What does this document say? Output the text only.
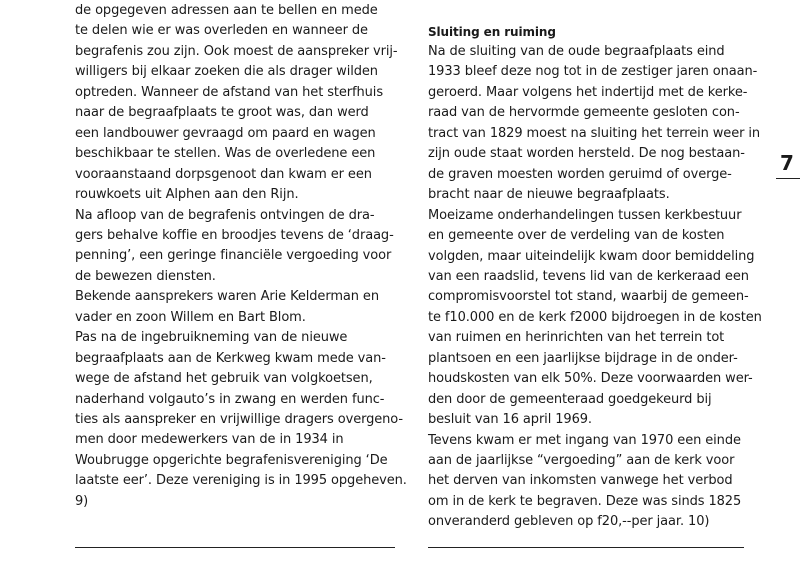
de opgegeven adressen aan te bellen en mede
te delen wie er was overleden en wanneer de
begrafenis zou zijn. Ook moest de aanspreker vrij-
willigers bij elkaar zoeken die als drager wilden
optreden. Wanneer de afstand van het sterfhuis
naar de begraafplaats te groot was, dan werd
een landbouwer gevraagd om paard en wagen
beschikbaar te stellen. Was de overledene een
vooraanstaand dorpsgenoot dan kwam er een
rouwkoets uit Alphen aan den Rijn.
Na afloop van de begrafenis ontvingen de dra-
gers behalve koffie en broodjes tevens de ‘draag-
penning’, een geringe financiële vergoeding voor
de bewezen diensten.
Bekende aansprekers waren Arie Kelderman en
vader en zoon Willem en Bart Blom.
Pas na de ingebruikneming van de nieuwe
begraafplaats aan de Kerkweg kwam mede van-
wege de afstand het gebruik van volgkoetsen,
naderhand volgauto’s in zwang en werden func-
ties als aanspreker en vrijwillige dragers overgeno-
men door medewerkers van de in 1934 in
Woubrugge opgerichte begrafenisvereniging ‘De
laatste eer’. Deze vereniging is in 1995 opgeheven.
9)
Sluiting en ruiming
Na de sluiting van de oude begraafplaats eind
1933 bleef deze nog tot in de zestiger jaren onaan-
geroerd. Maar volgens het indertijd met de kerke-
raad van de hervormde gemeente gesloten con-
tract van 1829 moest na sluiting het terrein weer in
zijn oude staat worden hersteld. De nog bestaan-
de graven moesten worden geruimd of overge-
bracht naar de nieuwe begraafplaats.
Moeizame onderhandelingen tussen kerkbestuur
en gemeente over de verdeling van de kosten
volgden, maar uiteindelijk kwam door bemiddeling
van een raadslid, tevens lid van de kerkeraad een
compromisvoorstel tot stand, waarbij de gemeen-
te f10.000 en de kerk f2000 bijdroegen in de kosten
van ruimen en herinrichten van het terrein tot
plantsoen en een jaarlijkse bijdrage in de onder-
houdskosten van elk 50%. Deze voorwaarden wer-
den door de gemeenteraad goedgekeurd bij
besluit van 16 april 1969.
Tevens kwam er met ingang van 1970 een einde
aan de jaarlijkse “vergoeding” aan de kerk voor
het derven van inkomsten vanwege het verbod
om in de kerk te begraven. Deze was sinds 1825
onveranderd gebleven op f20,--per jaar. 10)
7
